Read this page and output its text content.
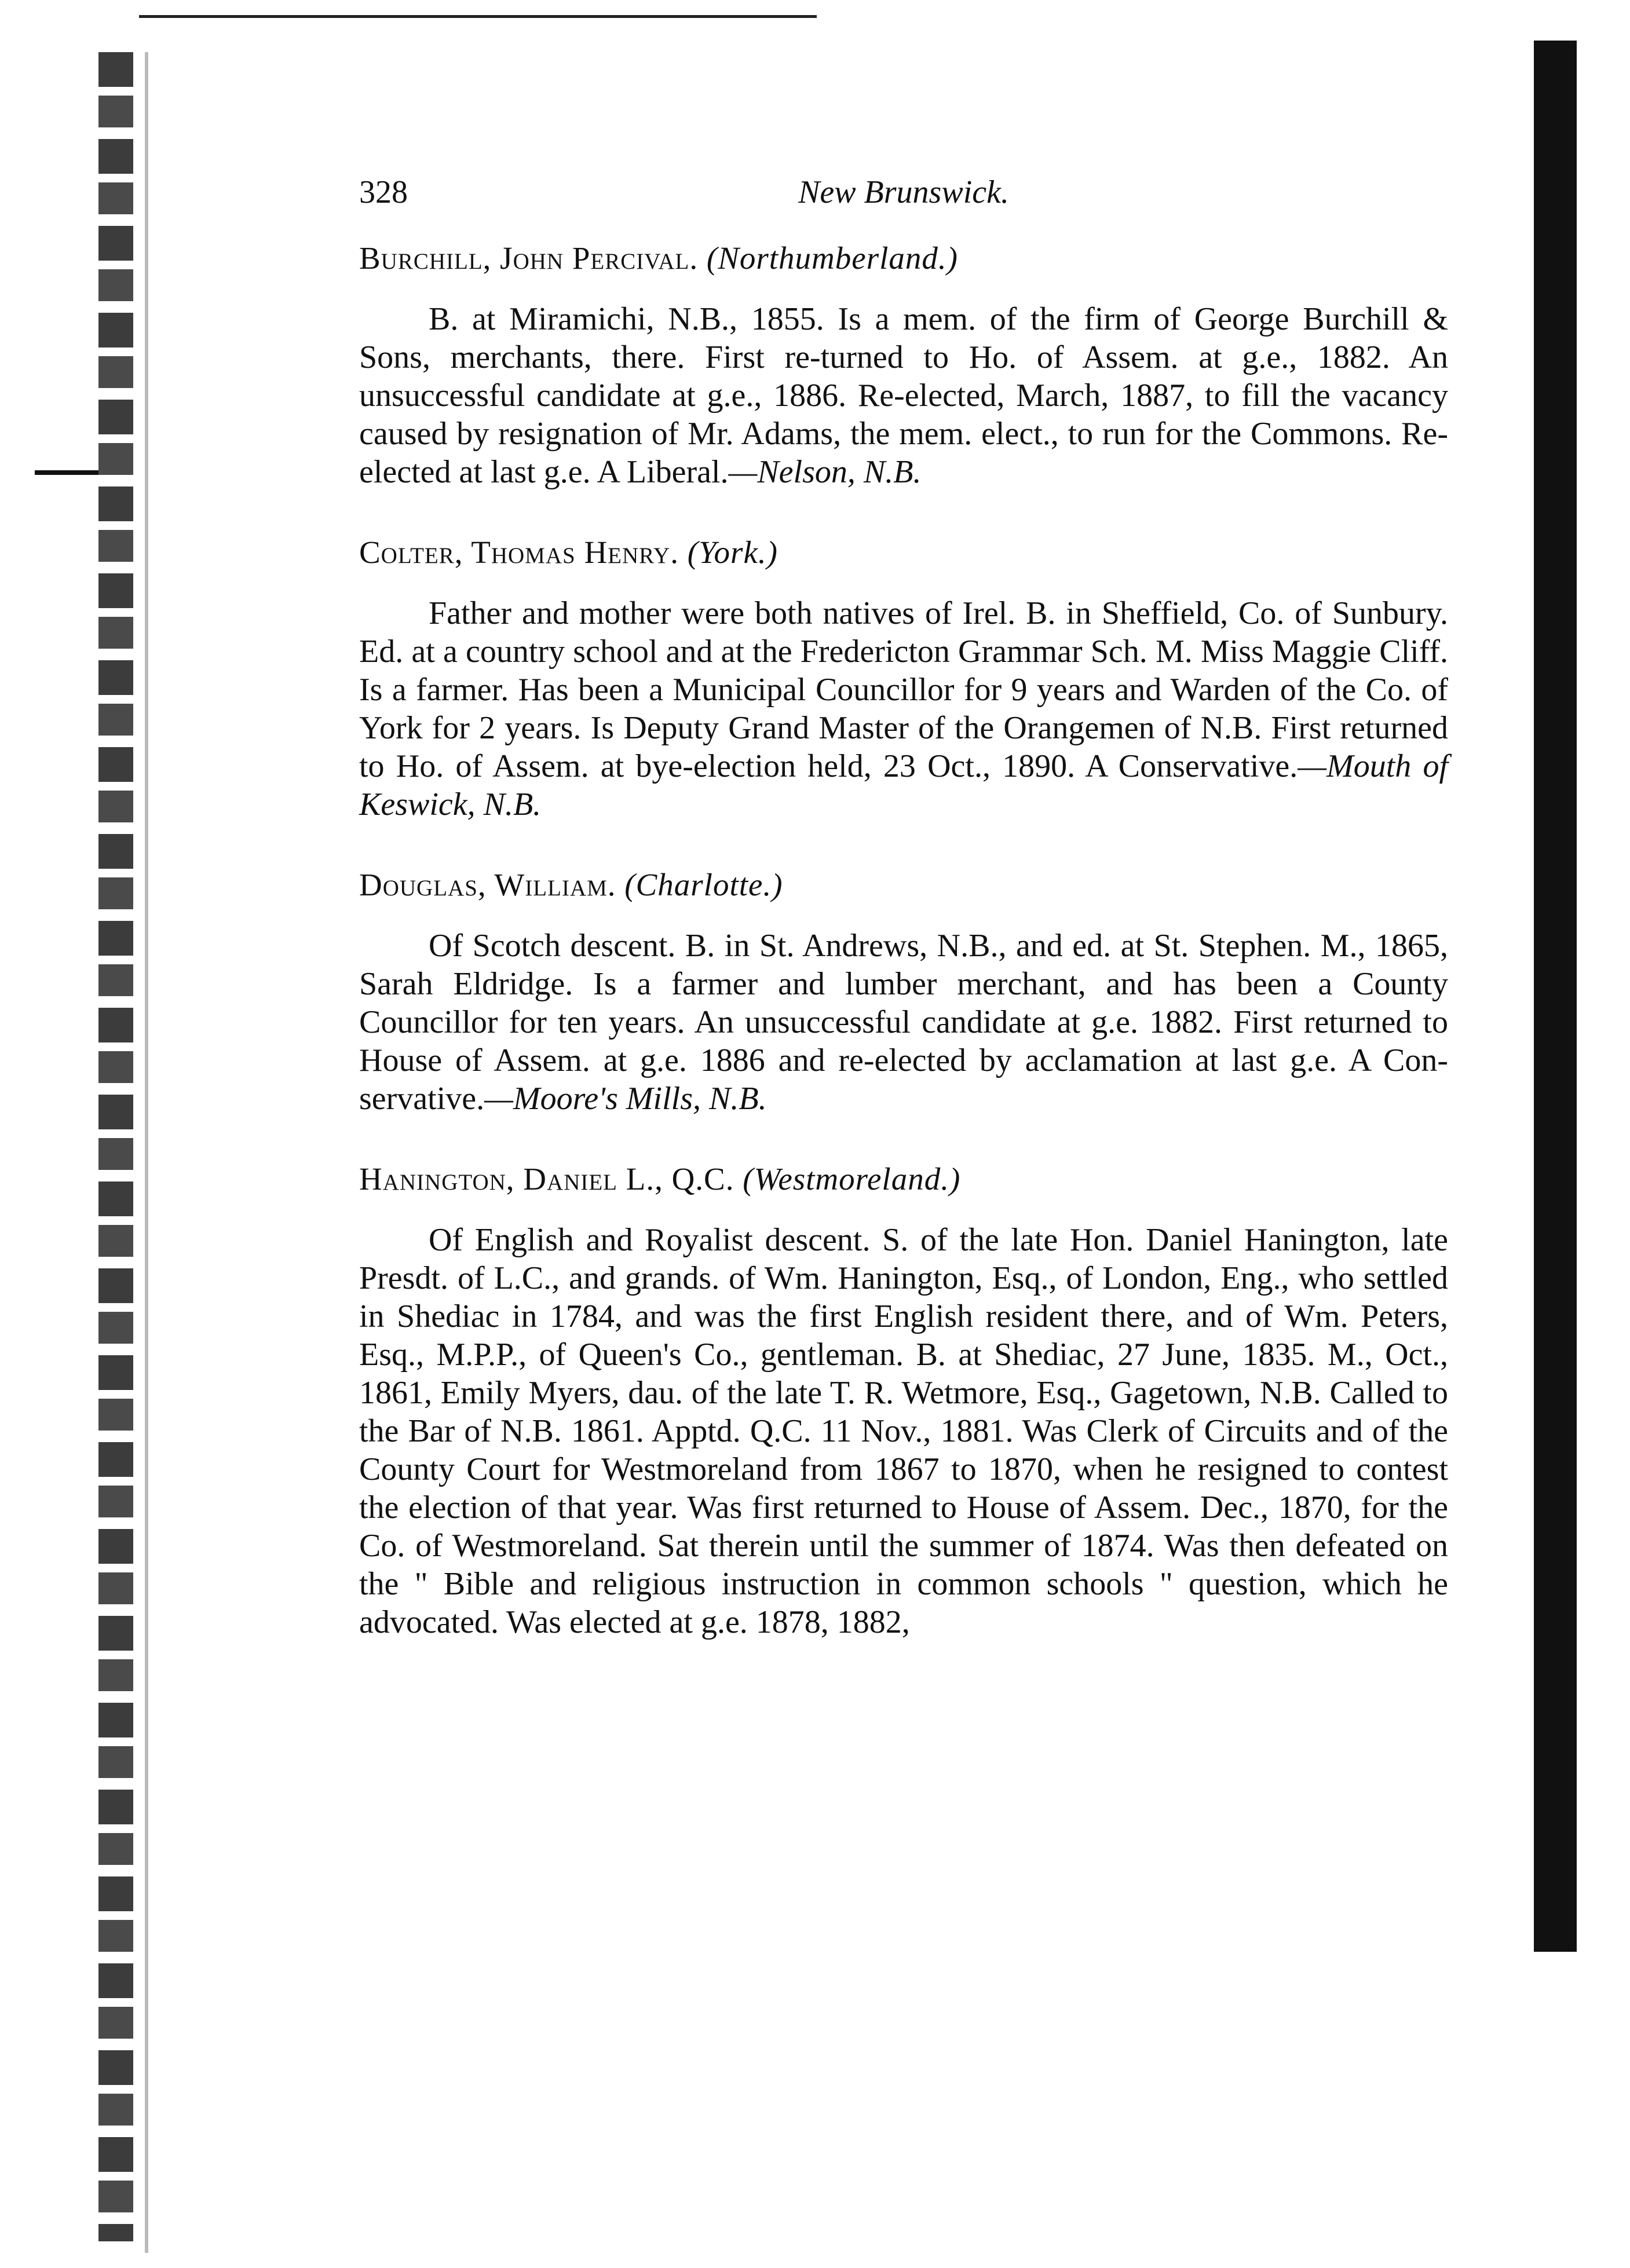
328	New Brunswick.
Burchill, John Percival. (Northumberland.)
B. at Miramichi, N.B., 1855. Is a mem. of the firm of George Burchill & Sons, merchants, there. First re-turned to Ho. of Assem. at g.e., 1882. An unsuccessful candidate at g.e., 1886. Re-elected, March, 1887, to fill the vacancy caused by resignation of Mr. Adams, the mem. elect., to run for the Commons. Re-elected at last g.e. A Liberal.—Nelson, N.B.
Colter, Thomas Henry. (York.)
Father and mother were both natives of Irel. B. in Sheffield, Co. of Sunbury. Ed. at a country school and at the Fredericton Grammar Sch. M. Miss Maggie Cliff. Is a farmer. Has been a Municipal Councillor for 9 years and Warden of the Co. of York for 2 years. Is Deputy Grand Master of the Orangemen of N.B. First returned to Ho. of Assem. at bye-election held, 23 Oct., 1890. A Conservative.—Mouth of Keswick, N.B.
Douglas, William. (Charlotte.)
Of Scotch descent. B. in St. Andrews, N.B., and ed. at St. Stephen. M., 1865, Sarah Eldridge. Is a farmer and lumber merchant, and has been a County Councillor for ten years. An unsuccessful candidate at g.e. 1882. First returned to House of Assem. at g.e. 1886 and re-elected by acclamation at last g.e. A Con-servative.—Moore's Mills, N.B.
Hanington, Daniel L., Q.C. (Westmoreland.)
Of English and Royalist descent. S. of the late Hon. Daniel Hanington, late Presdt. of L.C., and grands. of Wm. Hanington, Esq., of London, Eng., who settled in Shediac in 1784, and was the first English resident there, and of Wm. Peters, Esq., M.P.P., of Queen's Co., gentleman. B. at Shediac, 27 June, 1835. M., Oct., 1861, Emily Myers, dau. of the late T. R. Wetmore, Esq., Gagetown, N.B. Called to the Bar of N.B. 1861. Apptd. Q.C. 11 Nov., 1881. Was Clerk of Circuits and of the County Court for Westmoreland from 1867 to 1870, when he resigned to contest the election of that year. Was first returned to House of Assem. Dec., 1870, for the Co. of Westmoreland. Sat therein until the summer of 1874. Was then defeated on the " Bible and religious instruction in common schools " question, which he advocated. Was elected at g.e. 1878, 1882,
